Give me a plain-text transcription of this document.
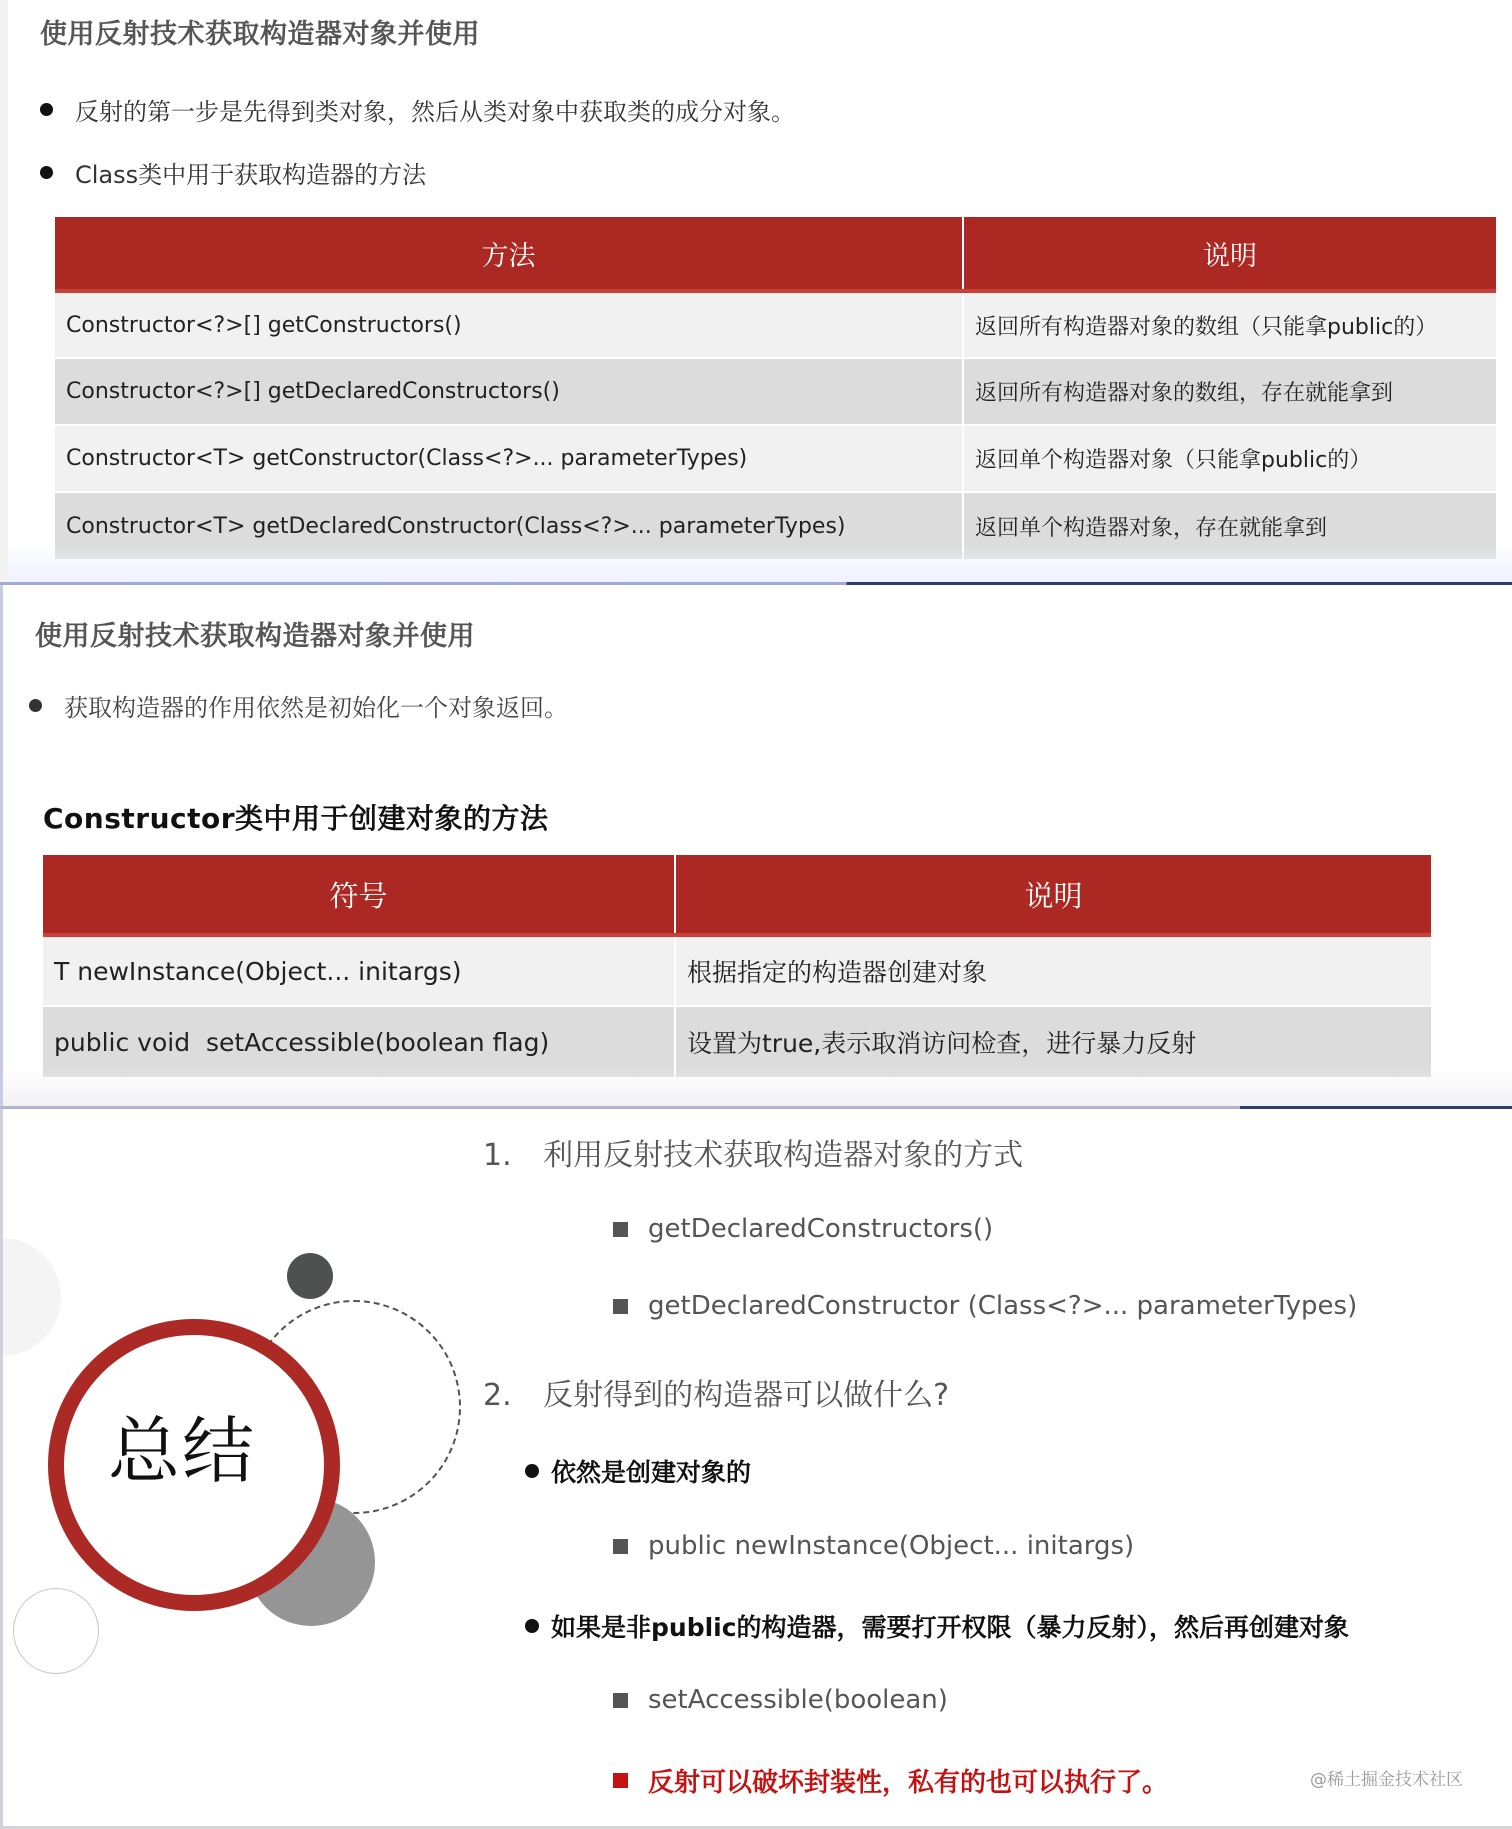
使用反射技术获取构造器对象并使用
反射的第一步是先得到类对象，然后从类对象中获取类的成分对象。
Class类中用于获取构造器的方法
方法	说明
Constructor<?>[] getConstructors()	返回所有构造器对象的数组（只能拿public的）
Constructor<?>[] getDeclaredConstructors()	返回所有构造器对象的数组，存在就能拿到
Constructor<T> getConstructor(Class<?>... parameterTypes)	返回单个构造器对象（只能拿public的）
Constructor<T> getDeclaredConstructor(Class<?>... parameterTypes)	返回单个构造器对象，存在就能拿到
使用反射技术获取构造器对象并使用
获取构造器的作用依然是初始化一个对象返回。
Constructor类中用于创建对象的方法
符号	说明
T newInstance(Object... initargs)	根据指定的构造器创建对象
public void  setAccessible(boolean flag)	设置为true,表示取消访问检查，进行暴力反射
总结
1. 利用反射技术获取构造器对象的方式
getDeclaredConstructors()
getDeclaredConstructor (Class<?>... parameterTypes)
2. 反射得到的构造器可以做什么?
依然是创建对象的
public newInstance(Object... initargs)
如果是非public的构造器，需要打开权限（暴力反射），然后再创建对象
setAccessible(boolean)
反射可以破坏封装性，私有的也可以执行了。	@稀土掘金技术社区
